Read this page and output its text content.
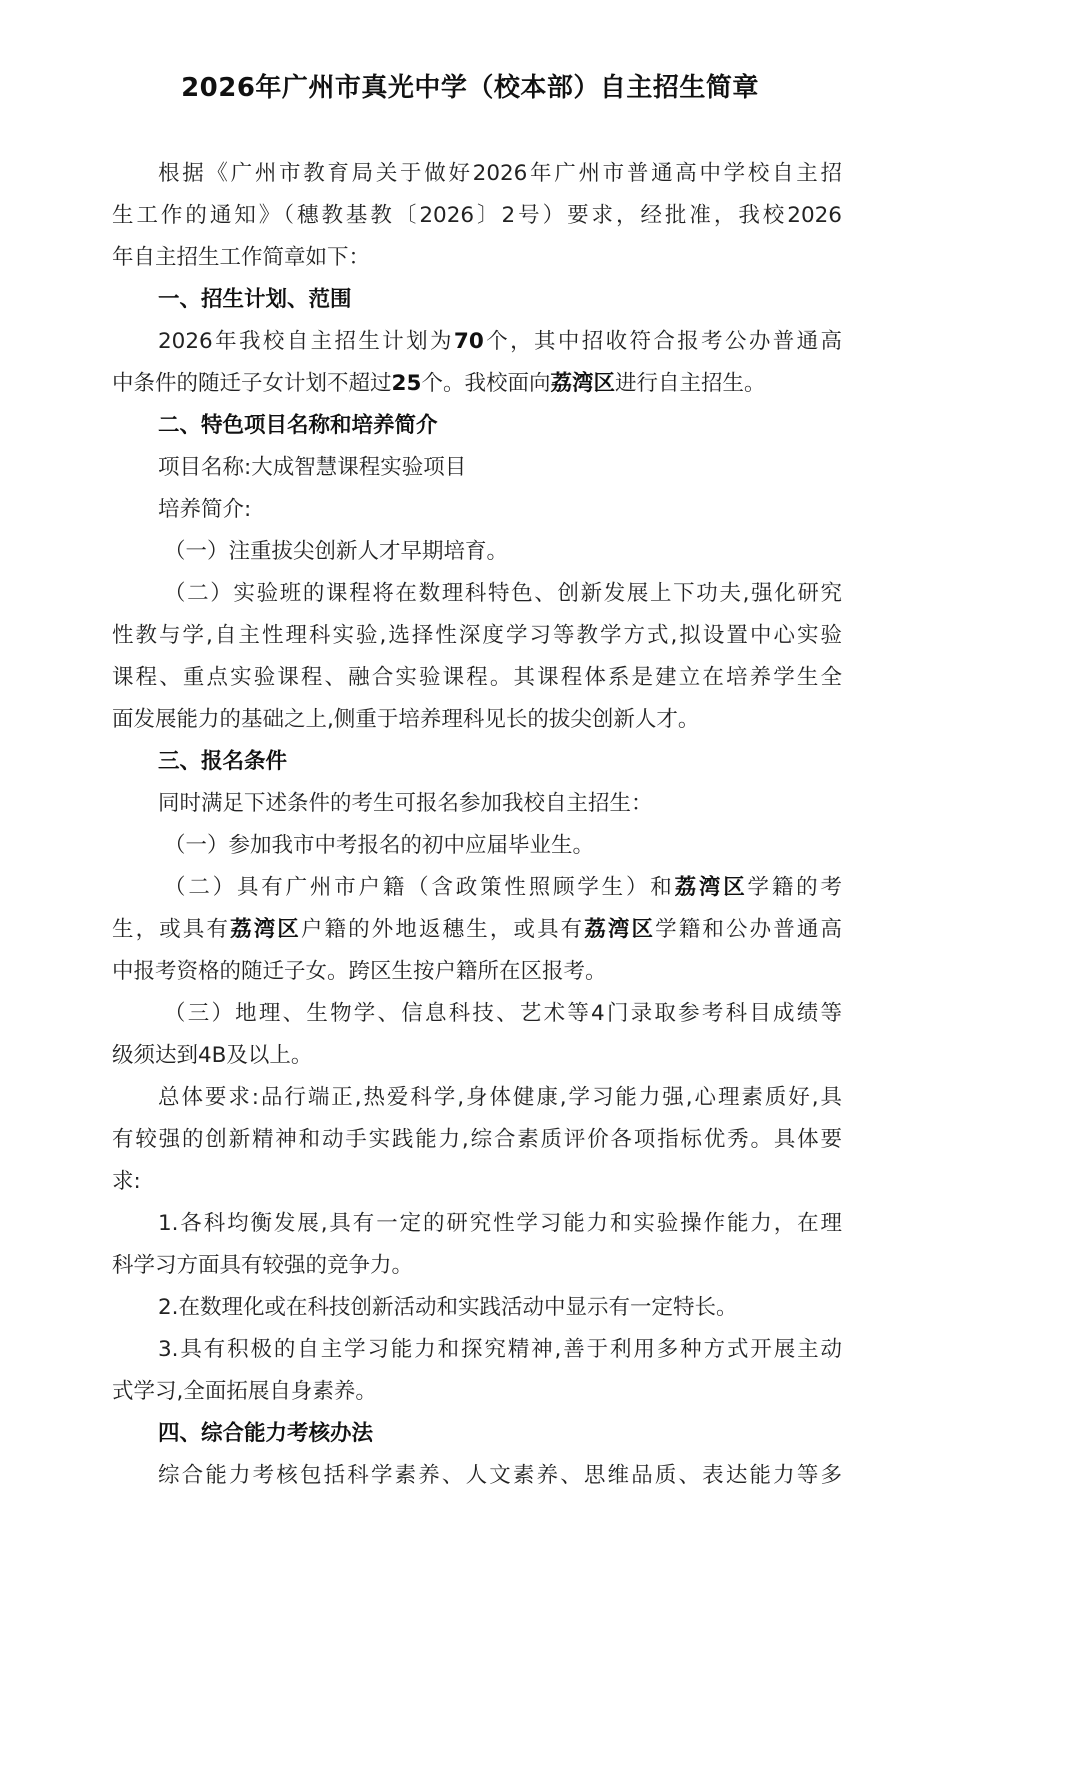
2026年广州市真光中学（校本部）自主招生简章
根据《广州市教育局关于做好2026年广州市普通高中学校自主招
生工作的通知》（穗教基教〔2026〕2号）要求，经批准，我校2026
年自主招生工作简章如下：
一、招生计划、范围
2026年我校自主招生计划为70个，其中招收符合报考公办普通高
中条件的随迁子女计划不超过25个。我校面向荔湾区进行自主招生。
二、特色项目名称和培养简介
项目名称:大成智慧课程实验项目
培养简介:
（一）注重拔尖创新人才早期培育。
（二）实验班的课程将在数理科特色、创新发展上下功夫,强化研究
性教与学,自主性理科实验,选择性深度学习等教学方式,拟设置中心实验
课程、重点实验课程、融合实验课程。其课程体系是建立在培养学生全
面发展能力的基础之上,侧重于培养理科见长的拔尖创新人才。
三、报名条件
同时满足下述条件的考生可报名参加我校自主招生：
（一）参加我市中考报名的初中应届毕业生。
（二）具有广州市户籍（含政策性照顾学生）和荔湾区学籍的考
生，或具有荔湾区户籍的外地返穗生，或具有荔湾区学籍和公办普通高
中报考资格的随迁子女。跨区生按户籍所在区报考。
（三）地理、生物学、信息科技、艺术等4门录取参考科目成绩等
级须达到4B及以上。
总体要求:品行端正,热爱科学,身体健康,学习能力强,心理素质好,具
有较强的创新精神和动手实践能力,综合素质评价各项指标优秀。具体要
求:
1.各科均衡发展,具有一定的研究性学习能力和实验操作能力，在理
科学习方面具有较强的竞争力。
2.在数理化或在科技创新活动和实践活动中显示有一定特长。
3.具有积极的自主学习能力和探究精神,善于利用多种方式开展主动
式学习,全面拓展自身素养。
四、综合能力考核办法
综合能力考核包括科学素养、人文素养、思维品质、表达能力等多
